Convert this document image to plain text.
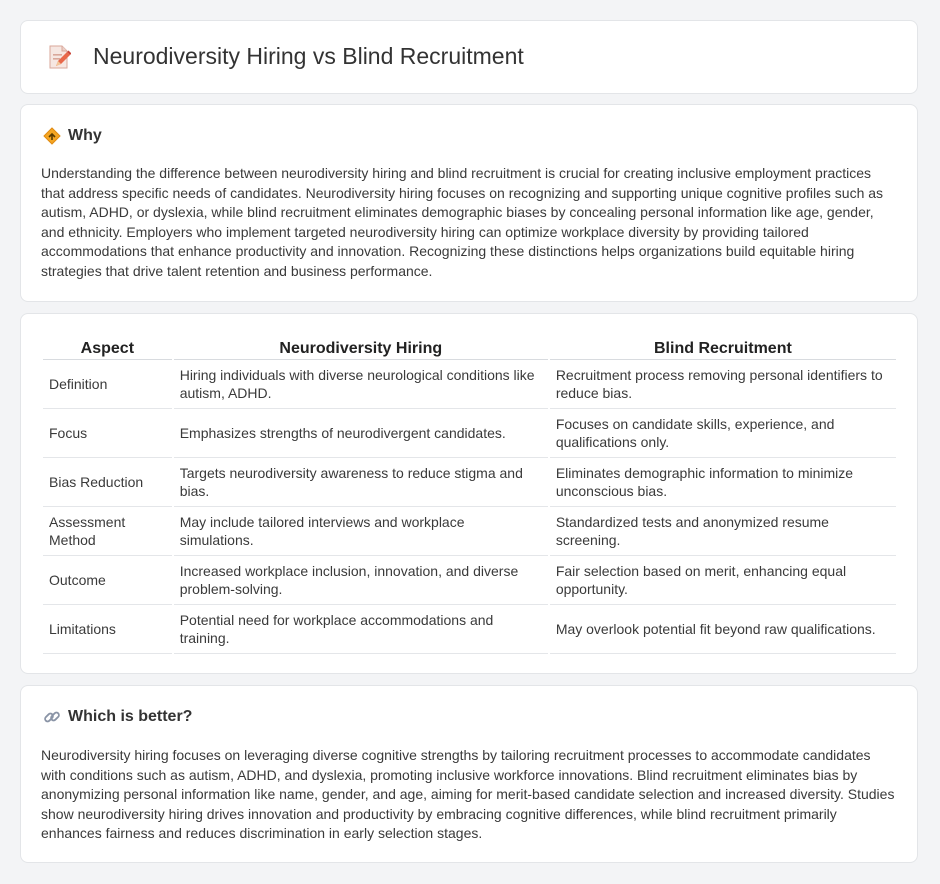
Neurodiversity Hiring vs Blind Recruitment
Why

Understanding the difference between neurodiversity hiring and blind recruitment is crucial for creating inclusive employment practices that address specific needs of candidates. Neurodiversity hiring focuses on recognizing and supporting unique cognitive profiles such as autism, ADHD, or dyslexia, while blind recruitment eliminates demographic biases by concealing personal information like age, gender, and ethnicity. Employers who implement targeted neurodiversity hiring can optimize workplace diversity by providing tailored accommodations that enhance productivity and innovation. Recognizing these distinctions helps organizations build equitable hiring strategies that drive talent retention and business performance.

Aspect	Neurodiversity Hiring	Blind Recruitment
Definition	Hiring individuals with diverse neurological conditions like autism, ADHD.	Recruitment process removing personal identifiers to reduce bias.
Focus	Emphasizes strengths of neurodivergent candidates.	Focuses on candidate skills, experience, and qualifications only.
Bias Reduction	Targets neurodiversity awareness to reduce stigma and bias.	Eliminates demographic information to minimize unconscious bias.
Assessment Method	May include tailored interviews and workplace simulations.	Standardized tests and anonymized resume screening.
Outcome	Increased workplace inclusion, innovation, and diverse problem-solving.	Fair selection based on merit, enhancing equal opportunity.
Limitations	Potential need for workplace accommodations and training.	May overlook potential fit beyond raw qualifications.
Which is better?

Neurodiversity hiring focuses on leveraging diverse cognitive strengths by tailoring recruitment processes to accommodate candidates with conditions such as autism, ADHD, and dyslexia, promoting inclusive workforce innovations. Blind recruitment eliminates bias by anonymizing personal information like name, gender, and age, aiming for merit-based candidate selection and increased diversity. Studies show neurodiversity hiring drives innovation and productivity by embracing cognitive differences, while blind recruitment primarily enhances fairness and reduces discrimination in early selection stages.
